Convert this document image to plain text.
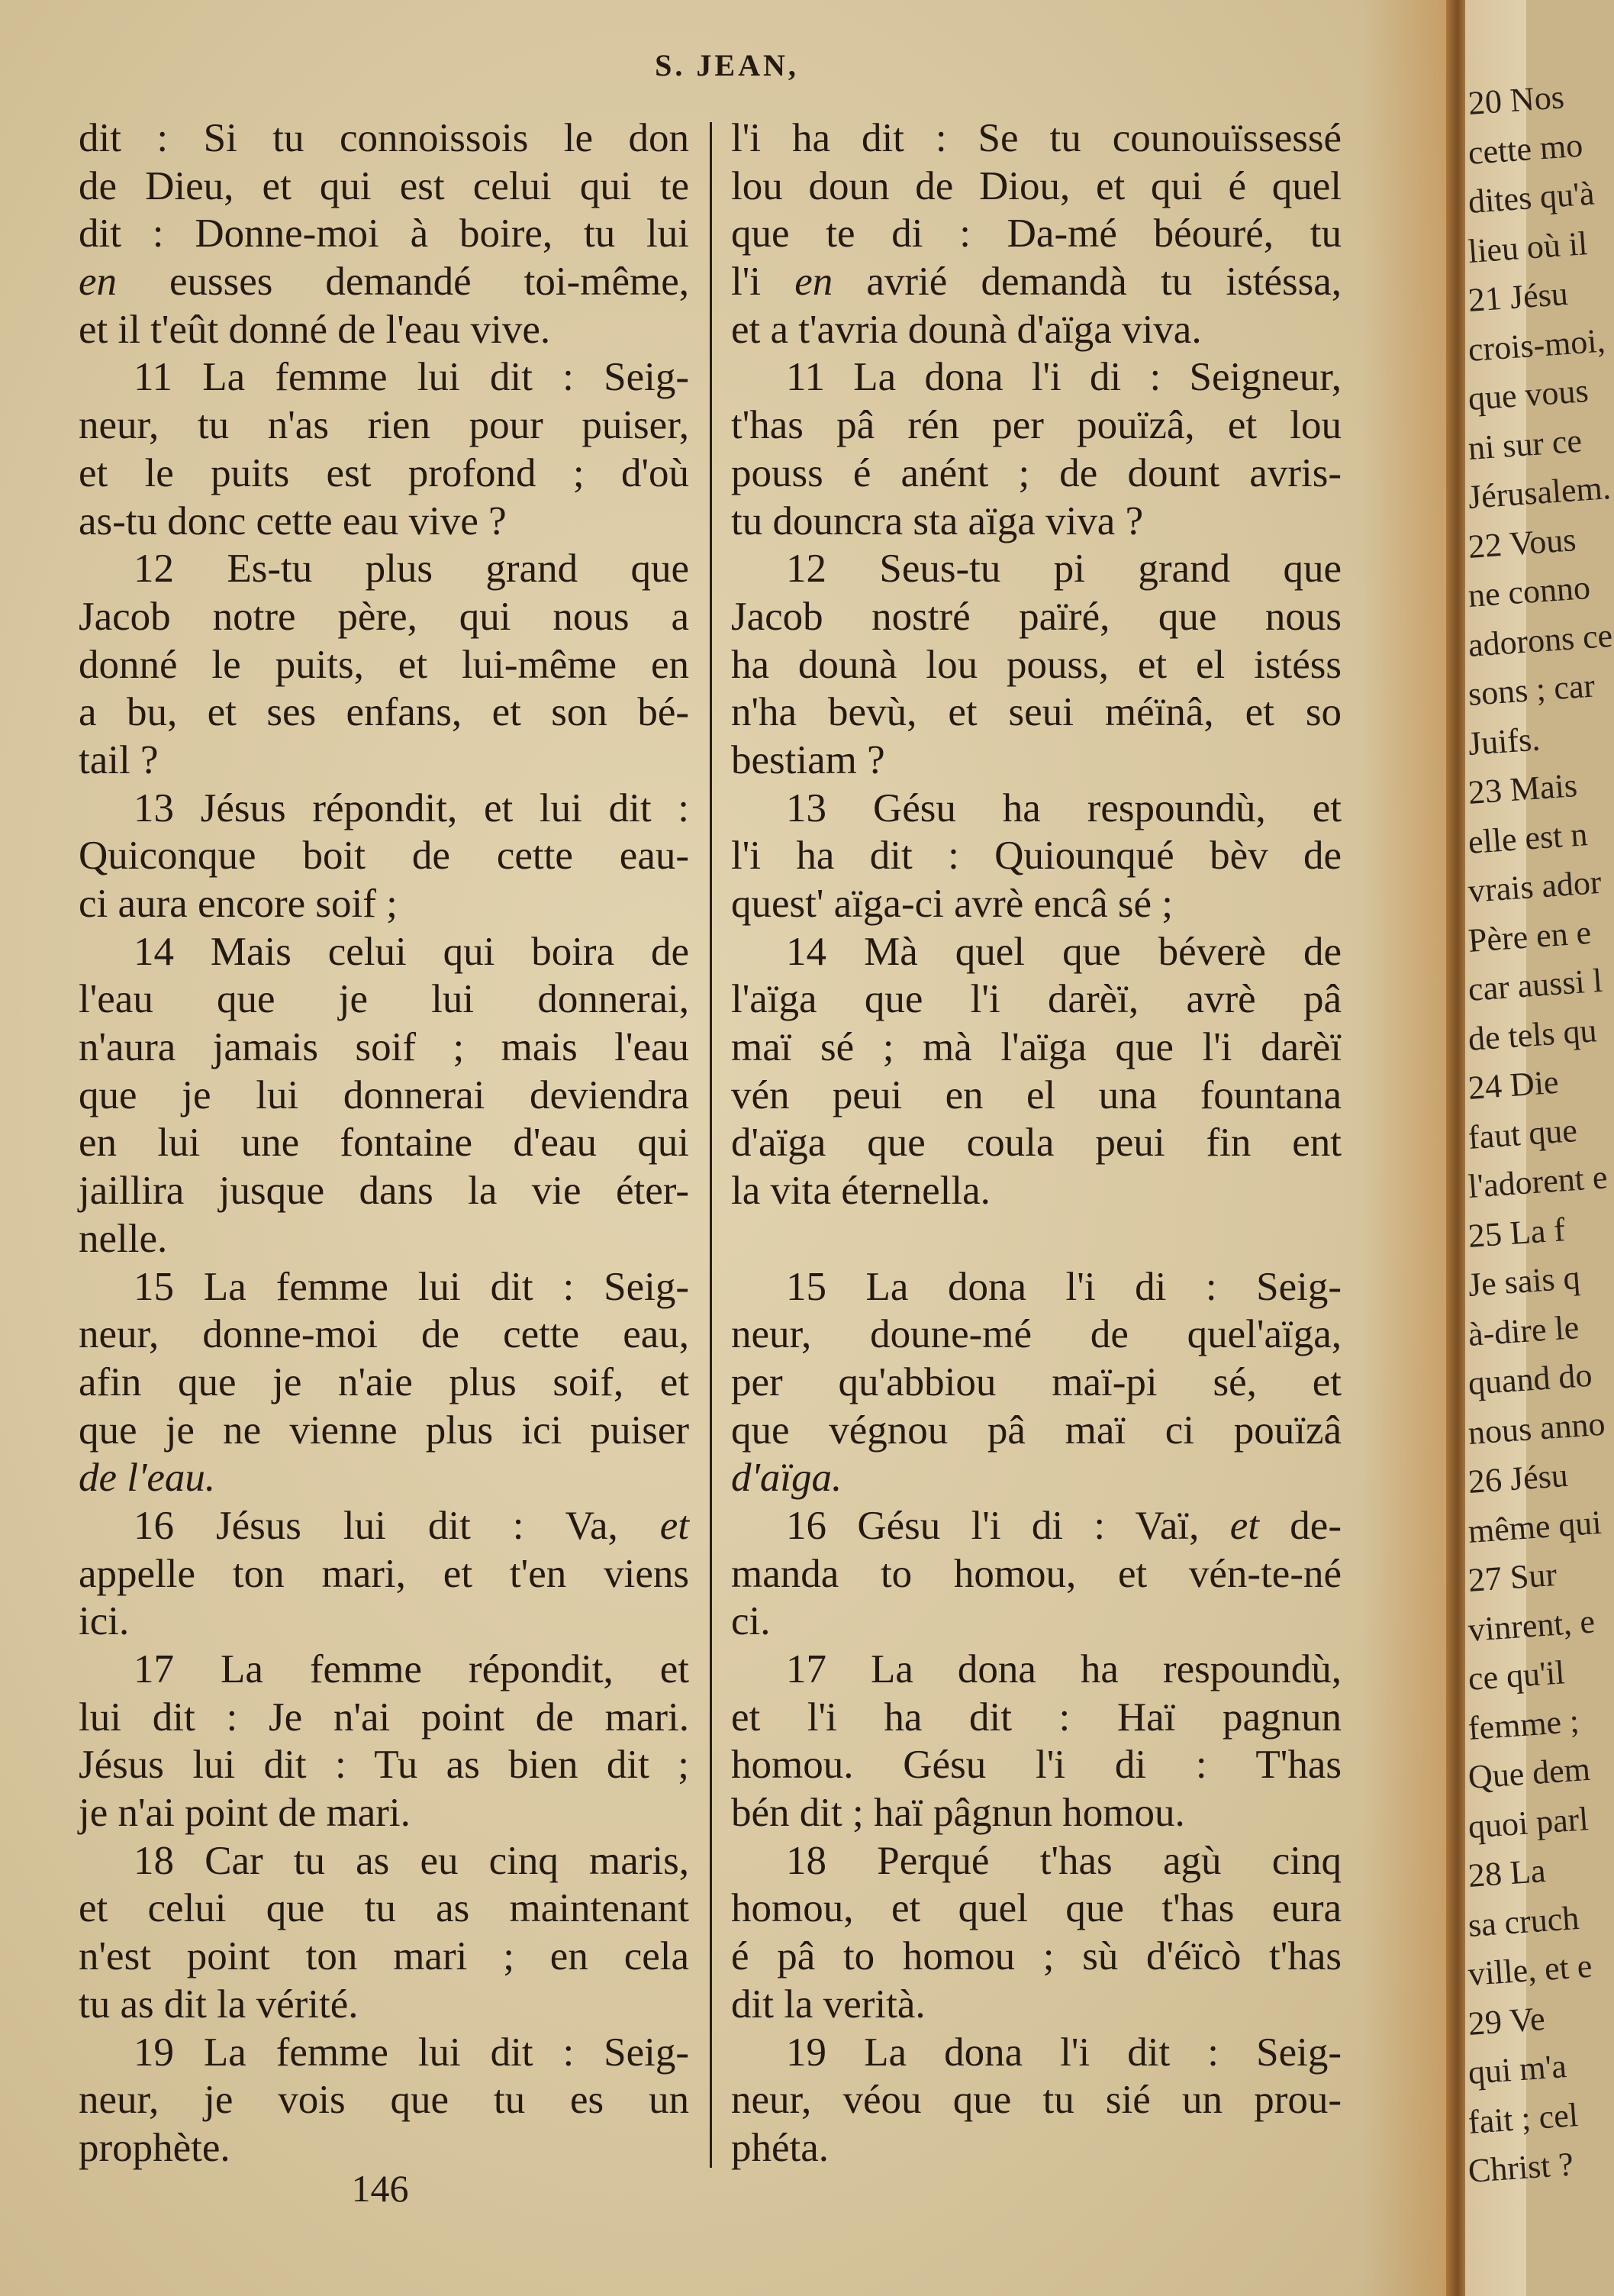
S. JEAN,
dit : Si tu connoissois le don
de Dieu, et qui est celui qui te
dit : Donne-moi à boire, tu lui
en eusses demandé toi-même,
et il t'eût donné de l'eau vive.
11 La femme lui dit : Seig-
neur, tu n'as rien pour puiser,
et le puits est profond ; d'où
as-tu donc cette eau vive ?
12 Es-tu plus grand que
Jacob notre père, qui nous a
donné le puits, et lui-même en
a bu, et ses enfans, et son bé-
tail ?
13 Jésus répondit, et lui dit :
Quiconque boit de cette eau-
ci aura encore soif ;
14 Mais celui qui boira de
l'eau que je lui donnerai,
n'aura jamais soif ; mais l'eau
que je lui donnerai deviendra
en lui une fontaine d'eau qui
jaillira jusque dans la vie éter-
nelle.
15 La femme lui dit : Seig-
neur, donne-moi de cette eau,
afin que je n'aie plus soif, et
que je ne vienne plus ici puiser
de l'eau.
16 Jésus lui dit : Va, et
appelle ton mari, et t'en viens
ici.
17 La femme répondit, et
lui dit : Je n'ai point de mari.
Jésus lui dit : Tu as bien dit ;
je n'ai point de mari.
18 Car tu as eu cinq maris,
et celui que tu as maintenant
n'est point ton mari ; en cela
tu as dit la vérité.
19 La femme lui dit : Seig-
neur, je vois que tu es un
prophète.
l'i ha dit : Se tu counouïssessé
lou doun de Diou, et qui é quel
que te di : Da-mé béouré, tu
l'i en avrié demandà tu istéssa,
et a t'avria dounà d'aïga viva.
11 La dona l'i di : Seigneur,
t'has pâ rén per pouïzâ, et lou
pouss é anént ; de dount avris-
tu douncra sta aïga viva ?
12 Seus-tu pi grand que
Jacob nostré païré, que nous
ha dounà lou pouss, et el istéss
n'ha bevù, et seui méïnâ, et so
bestiam ?
13 Gésu ha respoundù, et
l'i ha dit : Quiounqué bèv de
quest' aïga-ci avrè encâ sé ;
14 Mà quel que béverè de
l'aïga que l'i darèï, avrè pâ
maï sé ; mà l'aïga que l'i darèï
vén peui en el una fountana
d'aïga que coula peui fin ent
la vita éternella.

15 La dona l'i di : Seig-
neur, doune-mé de quel'aïga,
per qu'abbiou maï-pi sé, et
que végnou pâ maï ci pouïzâ
d'aïga.
16 Gésu l'i di : Vaï, et de-
manda to homou, et vén-te-né
ci.
17 La dona ha respoundù,
et l'i ha dit : Haï pagnun
homou. Gésu l'i di : T'has
bén dit ; haï pâgnun homou.
18 Perqué t'has agù cinq
homou, et quel que t'has eura
é pâ to homou ; sù d'éïcò t'has
dit la verità.
19 La dona l'i dit : Seig-
neur, véou que tu sié un prou-
phéta.
146
20 Nos
cette mo
dites qu'à
lieu où il
21 Jésu
crois-moi,
que vous
ni sur ce
Jérusalem.
22 Vous
ne conno
adorons ce
sons ; car
Juifs.
23 Mais
elle est n
vrais ador
Père en e
car aussi l
de tels qu
24 Die
faut que
l'adorent e
25 La f
Je sais q
à-dire le
quand do
nous anno
26 Jésu
même qui
27 Sur
vinrent, e
ce qu'il
femme ;
Que dem
quoi parl
28 La
sa cruch
ville, et e
29 Ve
qui m'a
fait ; cel
Christ ?
